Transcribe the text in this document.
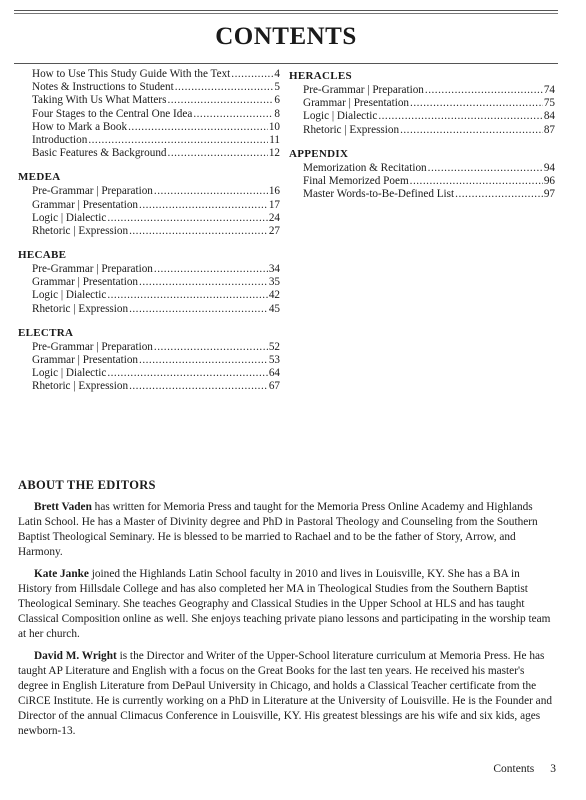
CONTENTS
How to Use This Study Guide With the Text .....	4
Notes & Instructions to Student .....	5
Taking With Us What Matters .....	6
Four Stages to the Central One Idea .....	8
How to Mark a Book .....	10
Introduction .....	11
Basic Features & Background .....	12
MEDEA
Pre-Grammar | Preparation .....	16
Grammar | Presentation .....	17
Logic | Dialectic .....	24
Rhetoric | Expression .....	27
HECABE
Pre-Grammar | Preparation .....	34
Grammar | Presentation .....	35
Logic | Dialectic .....	42
Rhetoric | Expression .....	45
ELECTRA
Pre-Grammar | Preparation .....	52
Grammar | Presentation .....	53
Logic | Dialectic .....	64
Rhetoric | Expression .....	67
HERACLES
Pre-Grammar | Preparation .....	74
Grammar | Presentation .....	75
Logic | Dialectic .....	84
Rhetoric | Expression .....	87
APPENDIX
Memorization & Recitation .....	94
Final Memorized Poem .....	96
Master Words-to-Be-Defined List .....	97
ABOUT THE EDITORS

Brett Vaden has written for Memoria Press and taught for the Memoria Press Online Academy and Highlands Latin School. He has a Master of Divinity degree and PhD in Pastoral Theology and Counseling from the Southern Baptist Theological Seminary. He is blessed to be married to Rachael and to be the father of Story, Arrow, and Harmony.

Kate Janke joined the Highlands Latin School faculty in 2010 and lives in Louisville, KY. She has a BA in History from Hillsdale College and has also completed her MA in Theological Studies from the Southern Baptist Theological Seminary. She teaches Geography and Classical Studies in the Upper School at HLS and has taught Classical Composition online as well. She enjoys teaching private piano lessons and participating in the worship team at her church.

David M. Wright is the Director and Writer of the Upper-School literature curriculum at Memoria Press. He has taught AP Literature and English with a focus on the Great Books for the last ten years. He received his master's degree in English Literature from DePaul University in Chicago, and holds a Classical Teacher certificate from the CiRCE Institute. He is currently working on a PhD in Literature at the University of Louisville. He is the Founder and Director of the annual Climacus Conference in Louisville, KY. His greatest blessings are his wife and six kids, ages newborn-13.

Contents 3
